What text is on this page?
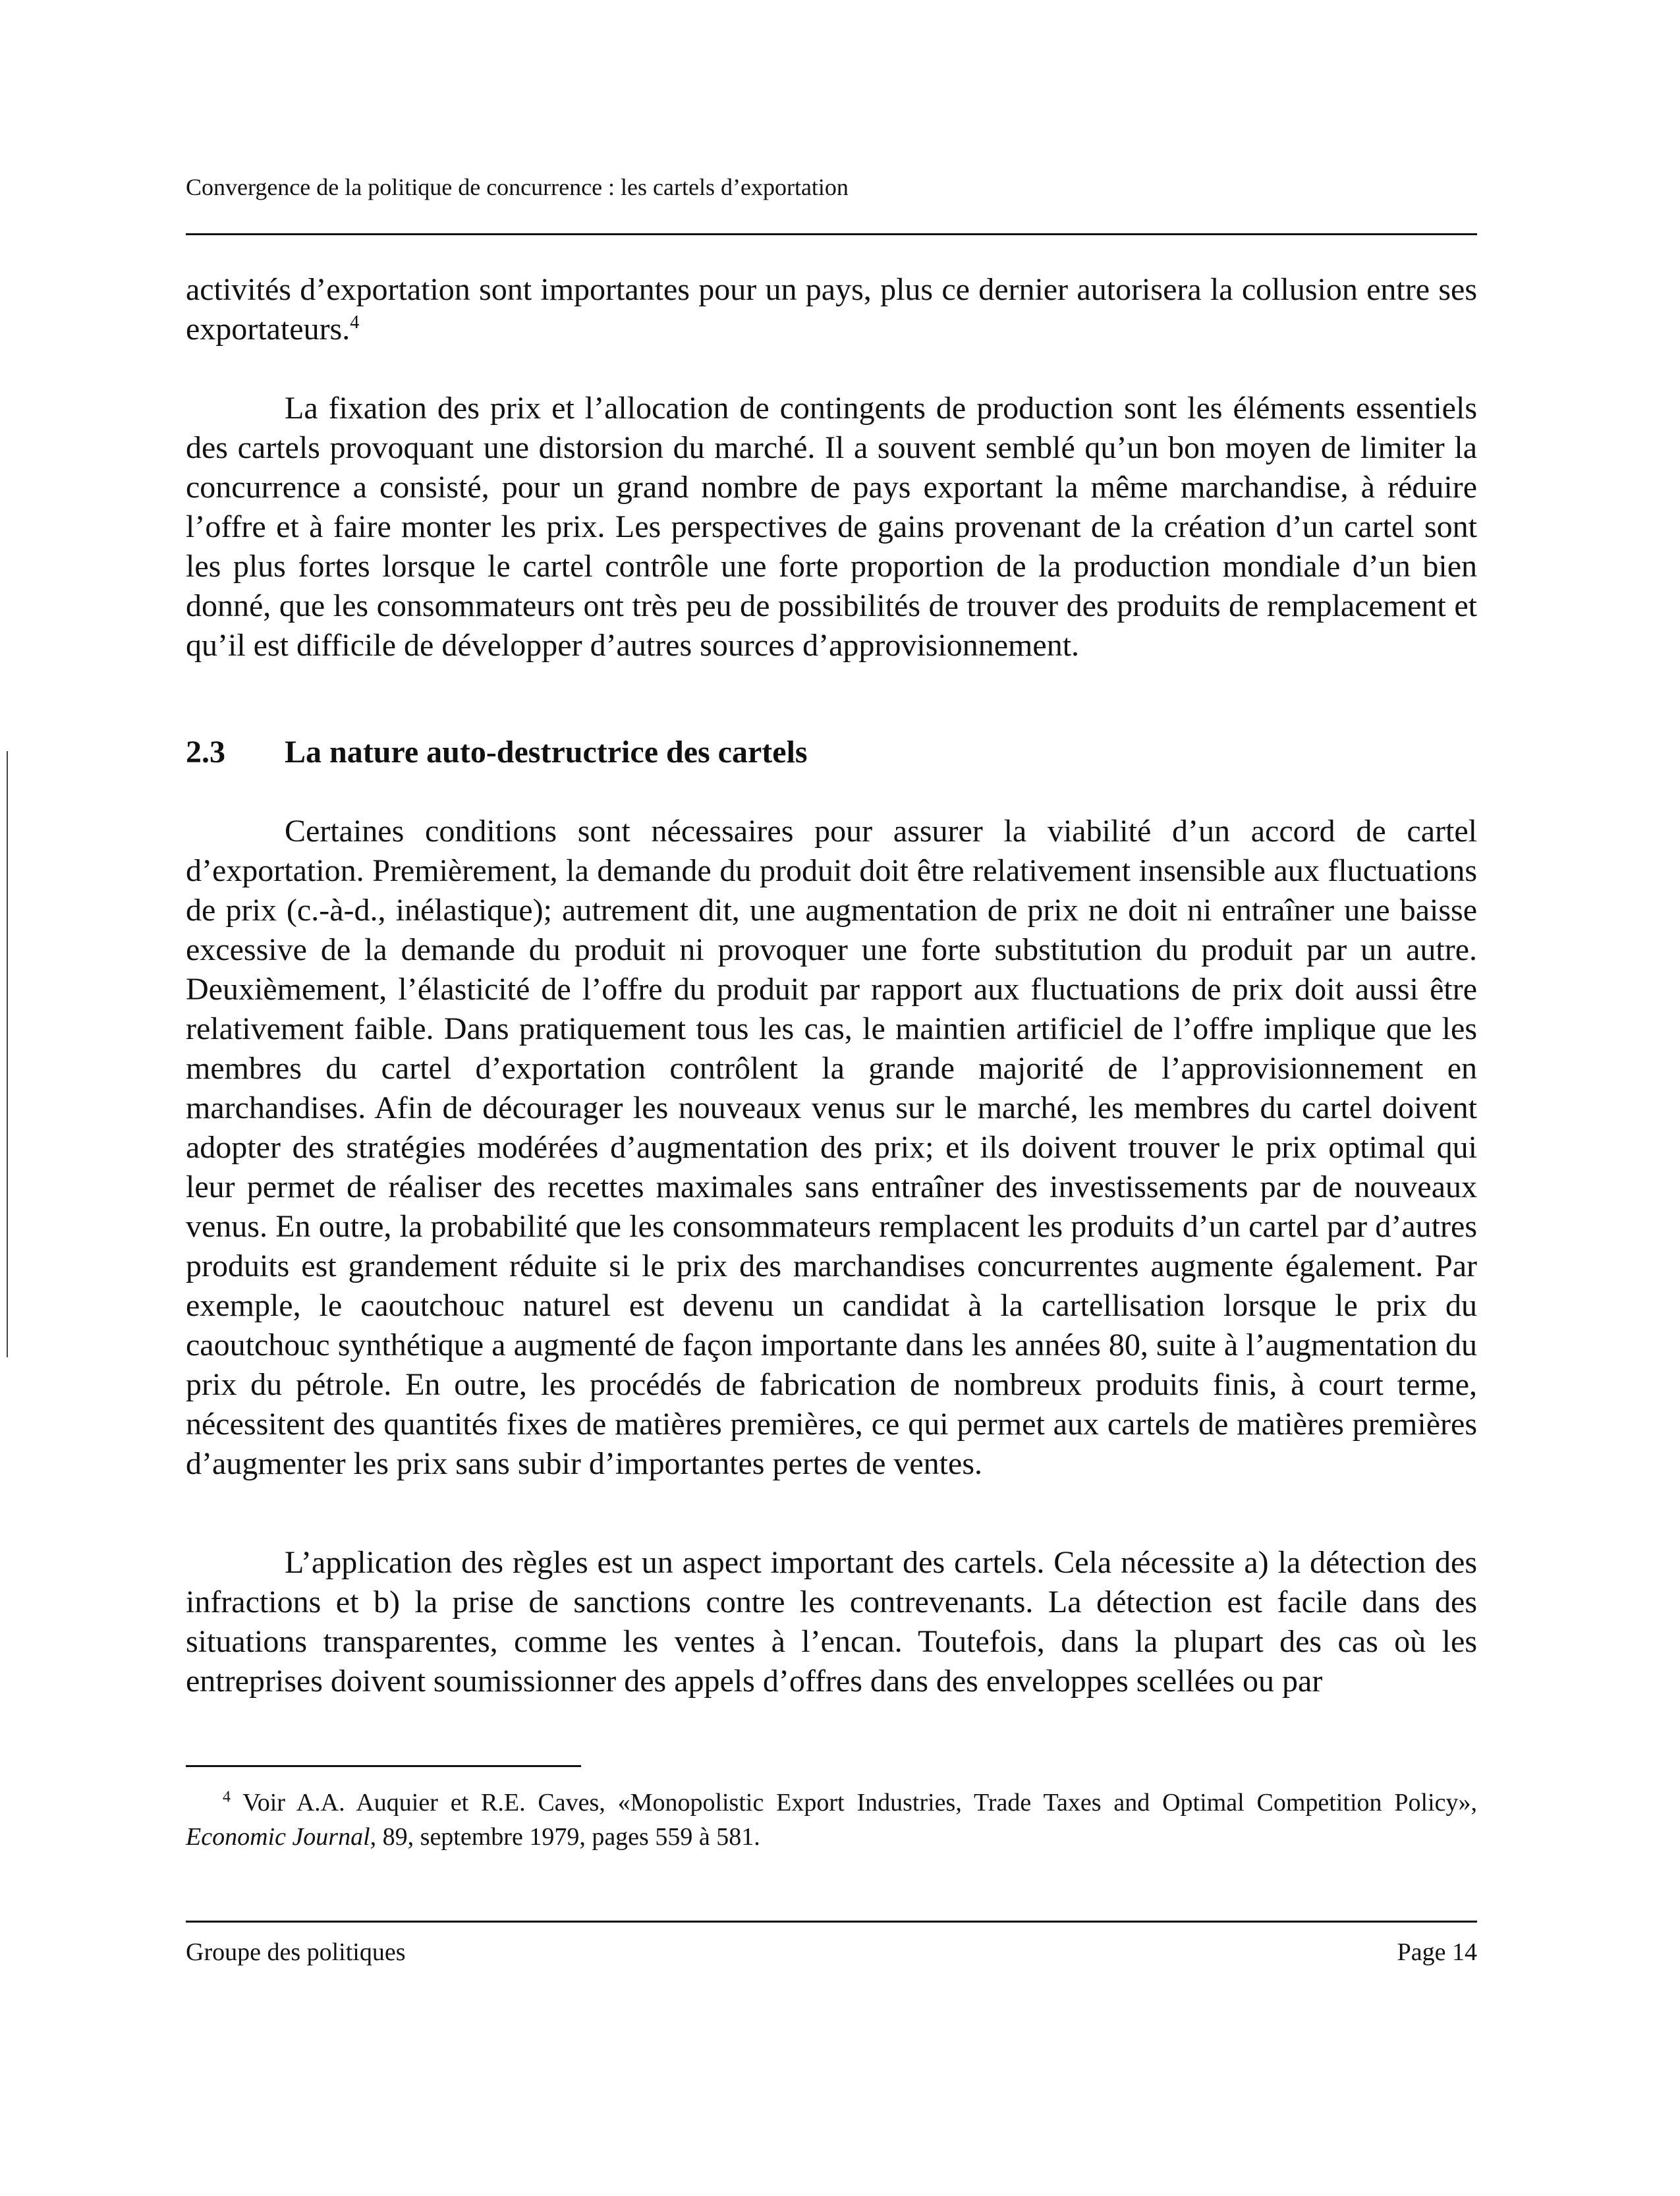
Convergence de la politique de concurrence : les cartels d’exportation

activités d’exportation sont importantes pour un pays, plus ce dernier autorisera la collusion entre ses exportateurs.$^4$

La fixation des prix et l’allocation de contingents de production sont les éléments essentiels des cartels provoquant une distorsion du marché. Il a souvent semblé qu’un bon moyen de limiter la concurrence a consisté, pour un grand nombre de pays exportant la même marchandise, à réduire l’offre et à faire monter les prix. Les perspectives de gains provenant de la création d’un cartel sont les plus fortes lorsque le cartel contrôle une forte proportion de la production mondiale d’un bien donné, que les consommateurs ont très peu de possibilités de trouver des produits de remplacement et qu’il est difficile de développer d’autres sources d’approvisionnement.

2.3 La nature auto-destructrice des cartels

Certaines conditions sont nécessaires pour assurer la viabilité d’un accord de cartel d’exportation. Premièrement, la demande du produit doit être relativement insensible aux fluctuations de prix (c.-à-d., inélastique); autrement dit, une augmentation de prix ne doit ni entraîner une baisse excessive de la demande du produit ni provoquer une forte substitution du produit par un autre. Deuxièmement, l’élasticité de l’offre du produit par rapport aux fluctuations de prix doit aussi être relativement faible. Dans pratiquement tous les cas, le maintien artificiel de l’offre implique que les membres du cartel d’exportation contrôlent la grande majorité de l’approvisionnement en marchandises. Afin de décourager les nouveaux venus sur le marché, les membres du cartel doivent adopter des stratégies modérées d’augmentation des prix; et ils doivent trouver le prix optimal qui leur permet de réaliser des recettes maximales sans entraîner des investissements par de nouveaux venus. En outre, la probabilité que les consommateurs remplacent les produits d’un cartel par d’autres produits est grandement réduite si le prix des marchandises concurrentes augmente également. Par exemple, le caoutchouc naturel est devenu un candidat à la cartellisation lorsque le prix du caoutchouc synthétique a augmenté de façon importante dans les années 80, suite à l’augmentation du prix du pétrole. En outre, les procédés de fabrication de nombreux produits finis, à court terme, nécessitent des quantités fixes de matières premières, ce qui permet aux cartels de matières premières d’augmenter les prix sans subir d’importantes pertes de ventes.

L’application des règles est un aspect important des cartels. Cela nécessite a) la détection des infractions et b) la prise de sanctions contre les contrevenants. La détection est facile dans des situations transparentes, comme les ventes à l’encan. Toutefois, dans la plupart des cas où les entreprises doivent soumissionner des appels d’offres dans des enveloppes scellées ou par

$^4$ Voir A.A. Auquier et R.E. Caves, «Monopolistic Export Industries, Trade Taxes and Optimal Competition Policy», Economic Journal, 89, septembre 1979, pages 559 à 581.
Groupe des politiques	Page 14
